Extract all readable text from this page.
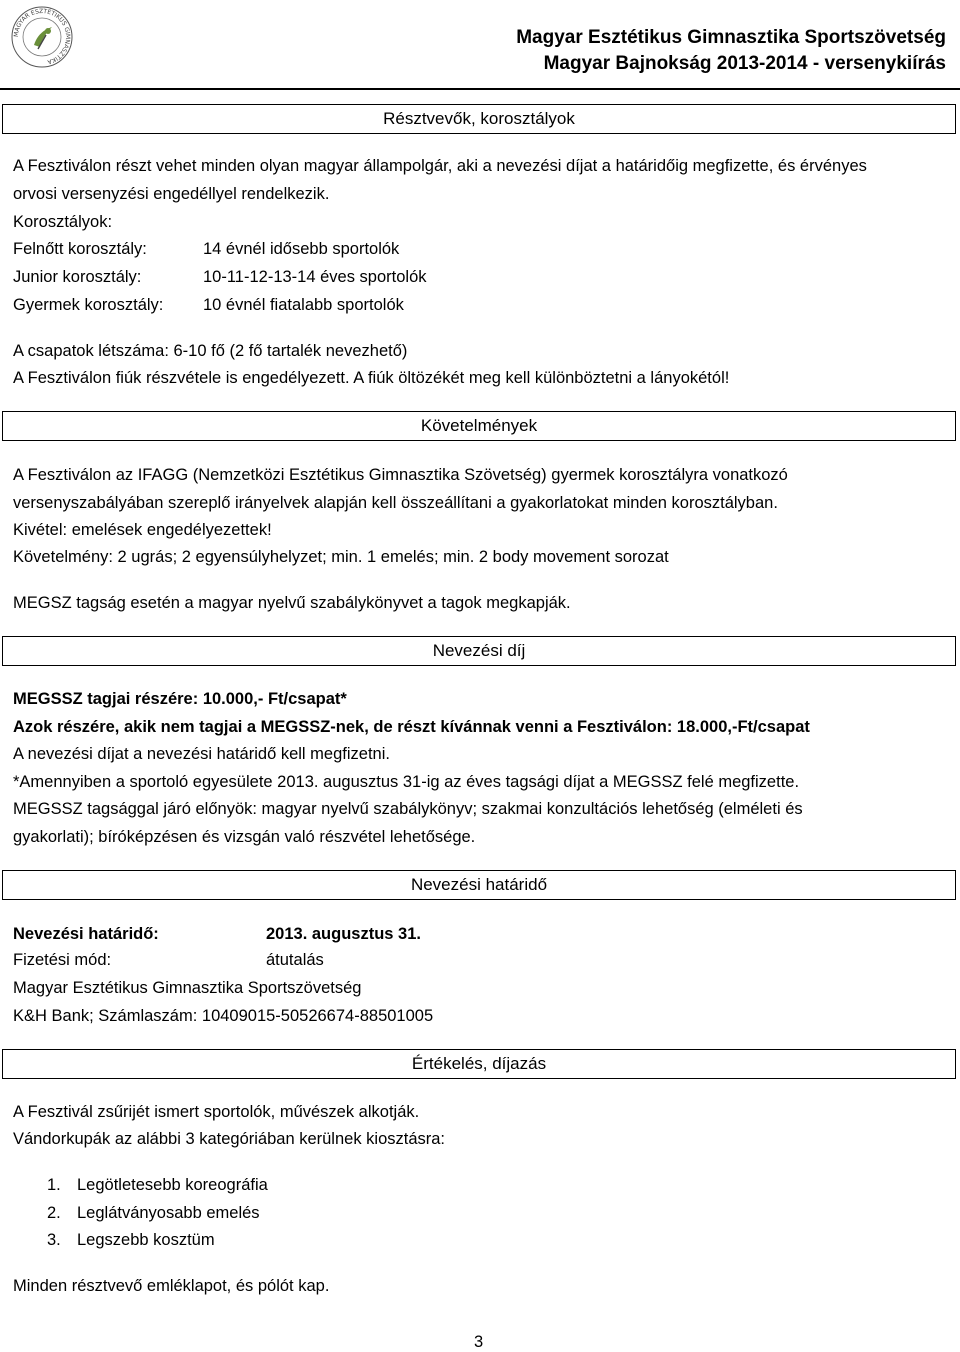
MAGYAR ESZTÉTIKUS GIMNASZTIKA
Magyar Esztétikus Gimnasztika Sportszövetség
Magyar Bajnokság 2013-2014 - versenykiírás
Résztvevők, korosztályok
A Fesztiválon részt vehet minden olyan magyar állampolgár, aki a nevezési díjat a határidőig megfizette, és érvényes
orvosi versenyzési engedéllyel rendelkezik.
Korosztályok:
Felnőtt korosztály:	14 évnél idősebb sportolók
Junior korosztály:	10-11-12-13-14 éves sportolók
Gyermek korosztály: 10 évnél fiatalabb sportolók
A csapatok létszáma: 6-10 fő (2 fő tartalék nevezhető)
A Fesztiválon fiúk részvétele is engedélyezett. A fiúk öltözékét meg kell különböztetni a lányokétól!
Követelmények
A Fesztiválon az IFAGG (Nemzetközi Esztétikus Gimnasztika Szövetség) gyermek korosztályra vonatkozó
versenyszabályában szereplő irányelvek alapján kell összeállítani a gyakorlatokat minden korosztályban.
Kivétel: emelések engedélyezettek!
Követelmény: 2 ugrás; 2 egyensúlyhelyzet; min. 1 emelés; min. 2 body movement sorozat
MEGSZ tagság esetén a magyar nyelvű szabálykönyvet a tagok megkapják.
Nevezési díj
MEGSSZ tagjai részére: 10.000,- Ft/csapat*
Azok részére, akik nem tagjai a MEGSSZ-nek, de részt kívánnak venni a Fesztiválon: 18.000,-Ft/csapat
A nevezési díjat a nevezési határidő kell megfizetni.
*Amennyiben a sportoló egyesülete 2013. augusztus 31-ig az éves tagsági díjat a MEGSSZ felé megfizette.
MEGSSZ tagsággal járó előnyök: magyar nyelvű szabálykönyv; szakmai konzultációs lehetőség (elméleti és
gyakorlati); bíróképzésen és vizsgán való részvétel lehetősége.
Nevezési határidő
Nevezési határidő:	2013. augusztus 31.
Fizetési mód:	átutalás
Magyar Esztétikus Gimnasztika Sportszövetség
K&H Bank; Számlaszám: 10409015-50526674-88501005
Értékelés, díjazás
A Fesztivál zsűrijét ismert sportolók, művészek alkotják.
Vándorkupák az alábbi 3 kategóriában kerülnek kiosztásra:
1. Legötletesebb koreográfia
2. Leglátványosabb emelés
3. Legszebb kosztüm
Minden résztvevő emléklapot, és pólót kap.
3
